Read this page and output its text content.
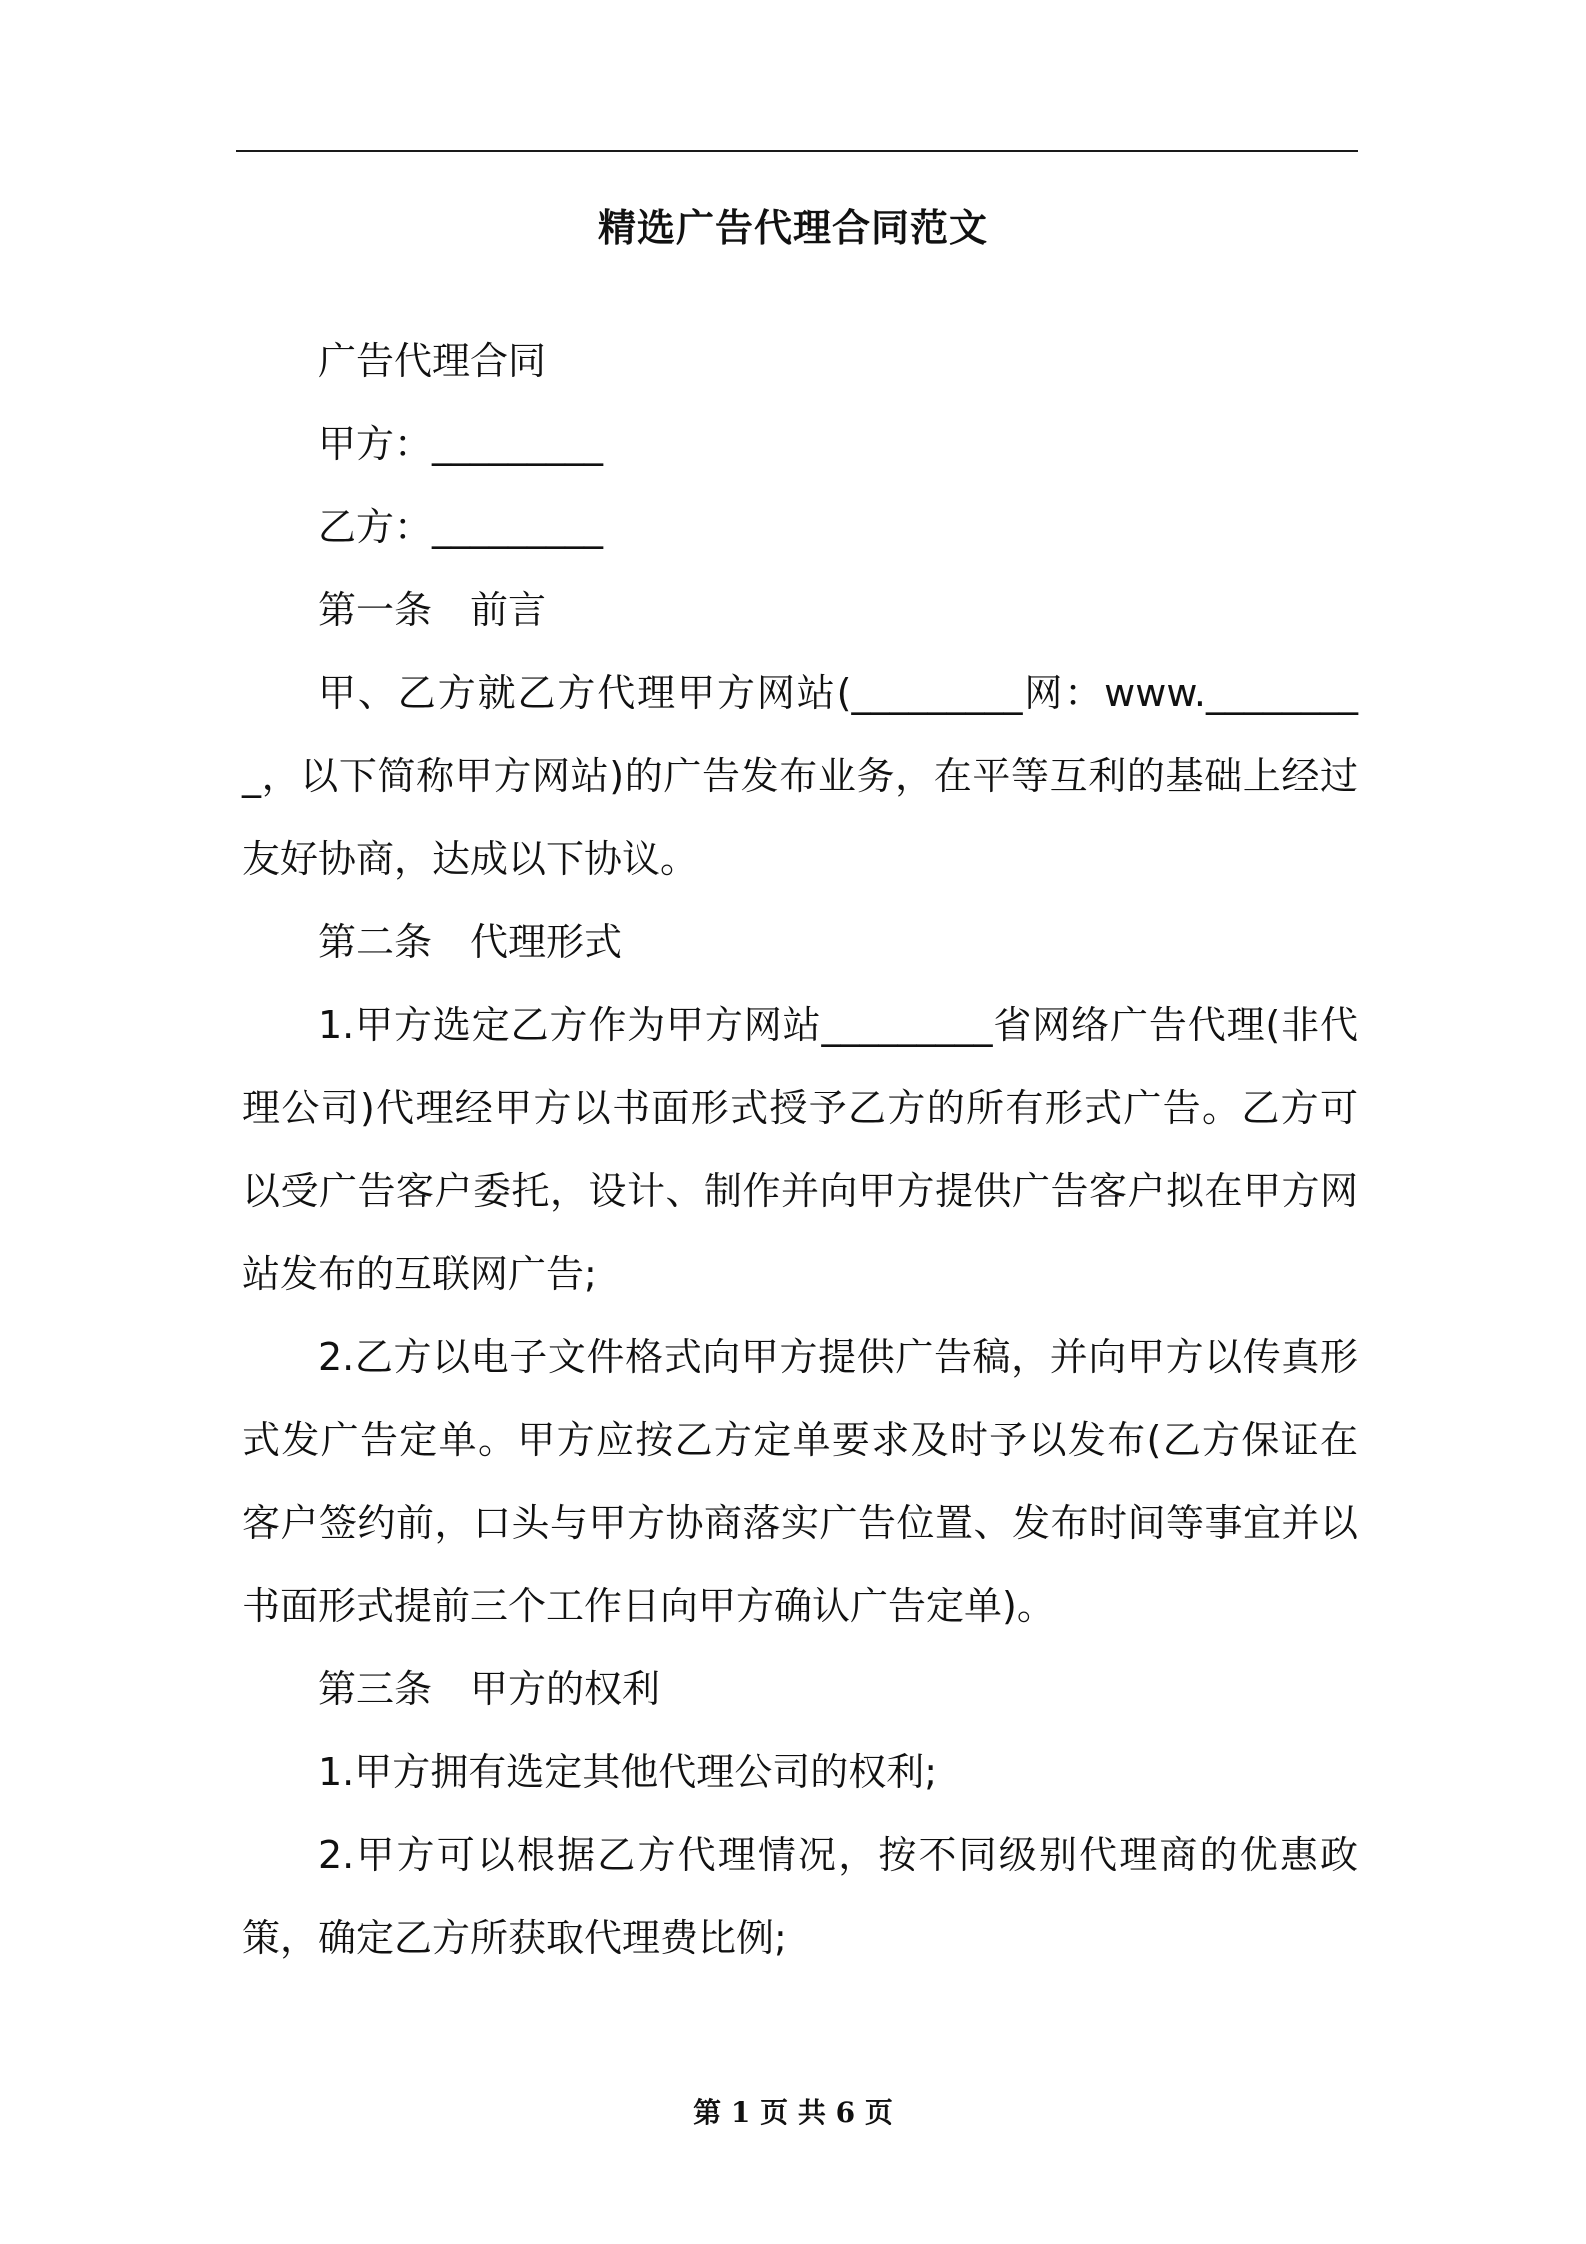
精选广告代理合同范文

广告代理合同

甲方：_________

乙方：_________

第一条　前言

甲、乙方就乙方代理甲方网站(_________网：www._________，以下简称甲方网站)的广告发布业务，在平等互利的基础上经过友好协商，达成以下协议。

第二条　代理形式

1.甲方选定乙方作为甲方网站_________省网络广告代理(非代理公司)代理经甲方以书面形式授予乙方的所有形式广告。乙方可以受广告客户委托，设计、制作并向甲方提供广告客户拟在甲方网站发布的互联网广告;

2.乙方以电子文件格式向甲方提供广告稿，并向甲方以传真形式发广告定单。甲方应按乙方定单要求及时予以发布(乙方保证在客户签约前，口头与甲方协商落实广告位置、发布时间等事宜并以书面形式提前三个工作日向甲方确认广告定单)。

第三条　甲方的权利

1.甲方拥有选定其他代理公司的权利;

2.甲方可以根据乙方代理情况，按不同级别代理商的优惠政策，确定乙方所获取代理费比例;

第 1 页 共 6 页
